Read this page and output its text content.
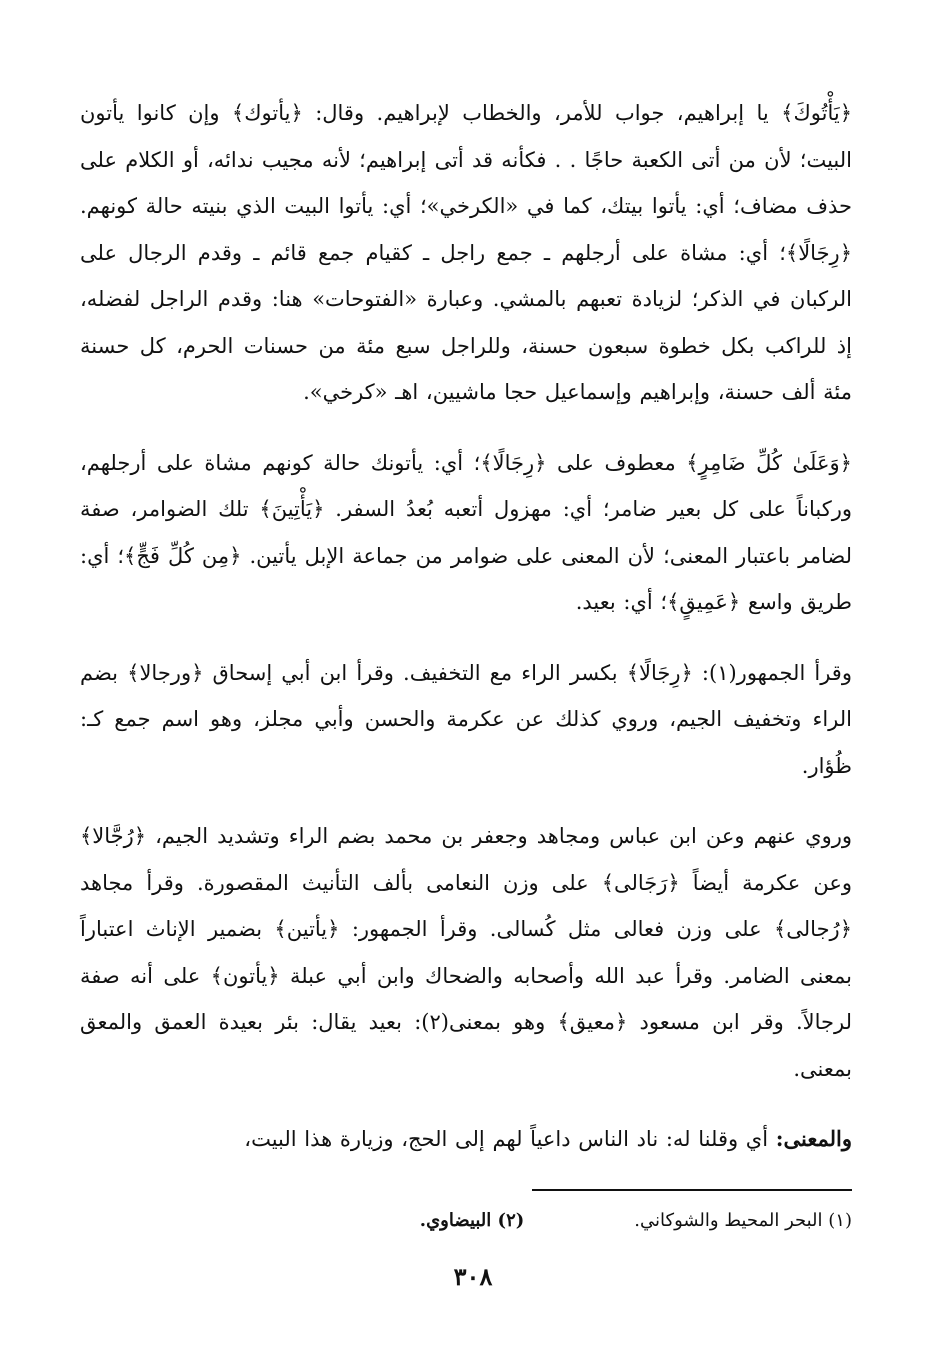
﴿يَأْتُوكَ﴾ يا إبراهيم، جواب للأمر، والخطاب لإبراهيم. وقال: ﴿يأتوك﴾ وإن كانوا يأتون البيت؛ لأن من أتى الكعبة حاجًا . . فكأنه قد أتى إبراهيم؛ لأنه مجيب ندائه، أو الكلام على حذف مضاف؛ أي: يأتوا بيتك، كما في «الكرخي»؛ أي: يأتوا البيت الذي بنيته حالة كونهم. ﴿رِجَالًا﴾؛ أي: مشاة على أرجلهم ـ جمع راجل ـ كقيام جمع قائم ـ وقدم الرجال على الركبان في الذكر؛ لزيادة تعبهم بالمشي. وعبارة «الفتوحات» هنا: وقدم الراجل لفضله، إذ للراكب بكل خطوة سبعون حسنة، وللراجل سبع مئة من حسنات الحرم، كل حسنة مئة ألف حسنة، وإبراهيم وإسماعيل حجا ماشيين، اهـ «كرخي».

﴿وَعَلَىٰ كُلِّ ضَامِرٍ﴾ معطوف على ﴿رِجَالًا﴾؛ أي: يأتونك حالة كونهم مشاة على أرجلهم، وركباناً على كل بعير ضامر؛ أي: مهزول أتعبه بُعدُ السفر. ﴿يَأْتِينَ﴾ تلك الضوامر، صفة لضامر باعتبار المعنى؛ لأن المعنى على ضوامر من جماعة الإبل يأتين. ﴿مِن كُلِّ فَجٍّ﴾؛ أي: طريق واسع ﴿عَمِيقٍ﴾؛ أي: بعيد.

وقرأ الجمهور(١): ﴿رِجَالًا﴾ بكسر الراء مع التخفيف. وقرأ ابن أبي إسحاق ﴿ورجالا﴾ بضم الراء وتخفيف الجيم، وروي كذلك عن عكرمة والحسن وأبي مجلز، وهو اسم جمع كـ: ظُؤار.

وروي عنهم وعن ابن عباس ومجاهد وجعفر بن محمد بضم الراء وتشديد الجيم، ﴿رُجَّالا﴾ وعن عكرمة أيضاً ﴿رَجَالى﴾ على وزن النعامى بألف التأنيث المقصورة. وقرأ مجاهد ﴿رُجالى﴾ على وزن فعالى مثل كُسالى. وقرأ الجمهور: ﴿يأتين﴾ بضمير الإناث اعتباراً بمعنى الضامر. وقرأ عبد الله وأصحابه والضحاك وابن أبي عبلة ﴿يأتون﴾ على أنه صفة لرجالاً. وقر ابن مسعود ﴿معيق﴾ وهو بمعنى(٢): بعيد يقال: بئر بعيدة العمق والمعق بمعنى.

والمعنى: أي وقلنا له: ناد الناس داعياً لهم إلى الحج، وزيارة هذا البيت،

(١) البحر المحيط والشوكاني.
(٢) البيضاوي.
٣٠٨
